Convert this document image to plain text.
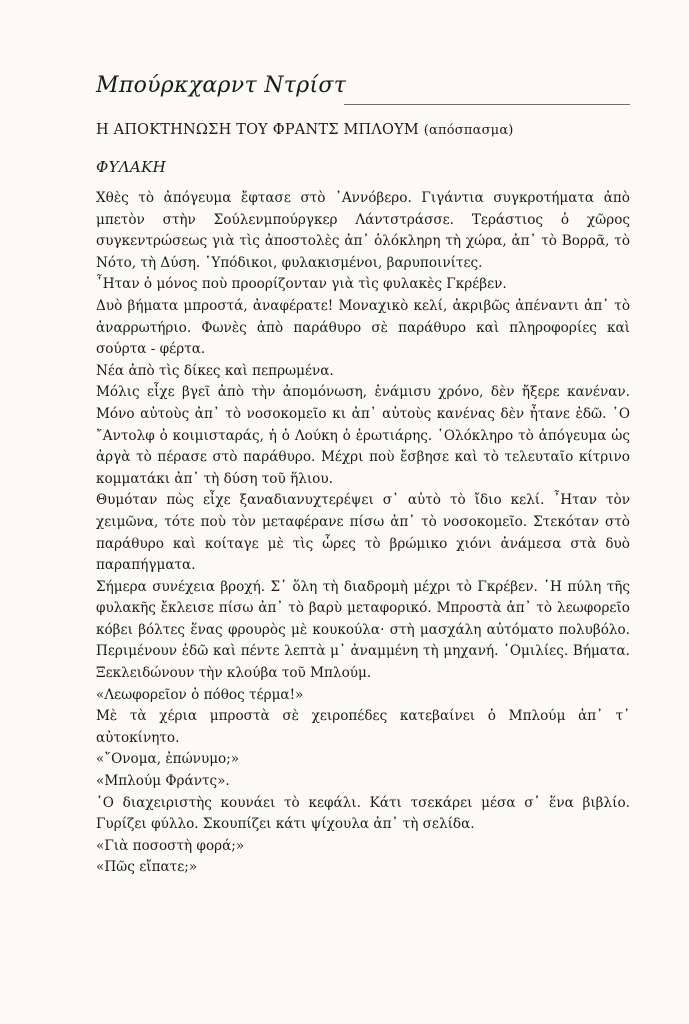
Μπούρκχαρντ Ντρίστ
Η ΑΠΟΚΤΗΝΩΣΗ ΤΟΥ ΦΡΑΝΤΣ ΜΠΛΟΥΜ (απόσπασμα)
ΦΥΛΑΚΗ

Χθὲς τὸ ἀπόγευμα ἔφτασε στὸ ᾿Αννόβερο. Γιγάντια συγκροτήματα ἀπὸ μπετὸν στὴν Σούλενμπούργκερ Λάντστράσσε. Τεράστιος ὁ χῶρος συγκεντρώσεως γιὰ τὶς ἀποστολὲς ἀπ᾿ ὁλόκληρη τὴ χώρα, ἀπ᾿ τὸ Βορρᾶ, τὸ Νότο, τὴ Δύση. ῾Υπόδικοι, φυλακισμένοι, βαρυποινίτες.

῏Ηταν ὁ μόνος ποὺ προορίζονταν γιὰ τὶς φυλακὲς Γκρέβεν.

Δυὸ βήματα μπροστά, ἀναφέρατε! Μοναχικὸ κελί, ἀκριβῶς ἀπέναντι ἀπ᾿ τὸ ἀναρρωτήριο. Φωνὲς ἀπὸ παράθυρο σὲ παράθυρο καὶ πληροφορίες καὶ σούρτα - φέρτα.

Νέα ἀπὸ τὶς δίκες καὶ πεπρωμένα.

Μόλις εἶχε βγεῖ ἀπὸ τὴν ἀπομόνωση, ἑνάμισυ χρόνο, δὲν ἤξερε κανέναν. Μόνο αὐτοὺς ἀπ᾿ τὸ νοσοκομεῖο κι ἀπ᾿ αὐτοὺς κανένας δὲν ἦτανε ἐδῶ. ῾Ο ῎Αντολφ ὁ κοιμισταράς, ἡ ὁ Λούκη ὁ ἐρωτιάρης. ῾Ολόκληρο τὸ ἀπόγευμα ὡς ἀργὰ τὸ πέρασε στὸ παράθυρο. Μέχρι ποὺ ἔσβησε καὶ τὸ τελευταῖο κίτρινο κομματάκι ἀπ᾿ τὴ δύση τοῦ ἥλιου.

Θυμόταν πὼς εἶχε ξαναδιανυχτερέψει σ᾿ αὐτὸ τὸ ἴδιο κελί. ῏Ηταν τὸν χειμῶνα, τότε ποὺ τὸν μεταφέρανε πίσω ἀπ᾿ τὸ νοσοκομεῖο. Στεκόταν στὸ παράθυρο καὶ κοίταγε μὲ τὶς ὧρες τὸ βρώμικο χιόνι ἀνάμεσα στὰ δυὸ παραπήγματα.

Σήμερα συνέχεια βροχή. Σ᾿ ὅλη τὴ διαδρομὴ μέχρι τὸ Γκρέβεν. ῾Η πύλη τῆς φυλακῆς ἔκλεισε πίσω ἀπ᾿ τὸ βαρὺ μεταφορικό. Μπροστὰ ἀπ᾿ τὸ λεωφορεῖο κόβει βόλτες ἕνας φρουρὸς μὲ κουκούλα· στὴ μασχάλη αὐτόματο πολυβόλο. Περιμένουν ἐδῶ καὶ πέντε λεπτὰ μ᾿ ἀναμμένη τὴ μηχανή. ῾Ομιλίες. Βήματα. Ξεκλειδώνουν τὴν κλούβα τοῦ Μπλούμ.

«Λεωφορεῖον ὁ πόθος τέρμα!»

Μὲ τὰ χέρια μπροστὰ σὲ χειροπέδες κατεβαίνει ὁ Μπλούμ ἀπ᾿ τ᾿ αὐτοκίνητο.

«῎Ονομα, ἐπώνυμο;»

«Μπλούμ Φράντς».

῾Ο διαχειριστὴς κουνάει τὸ κεφάλι. Κάτι τσεκάρει μέσα σ᾿ ἕνα βιβλίο. Γυρίζει φύλλο. Σκουπίζει κάτι ψίχουλα ἀπ᾿ τὴ σελίδα.

«Γιὰ ποσοστὴ φορά;»

«Πῶς εἴπατε;»
